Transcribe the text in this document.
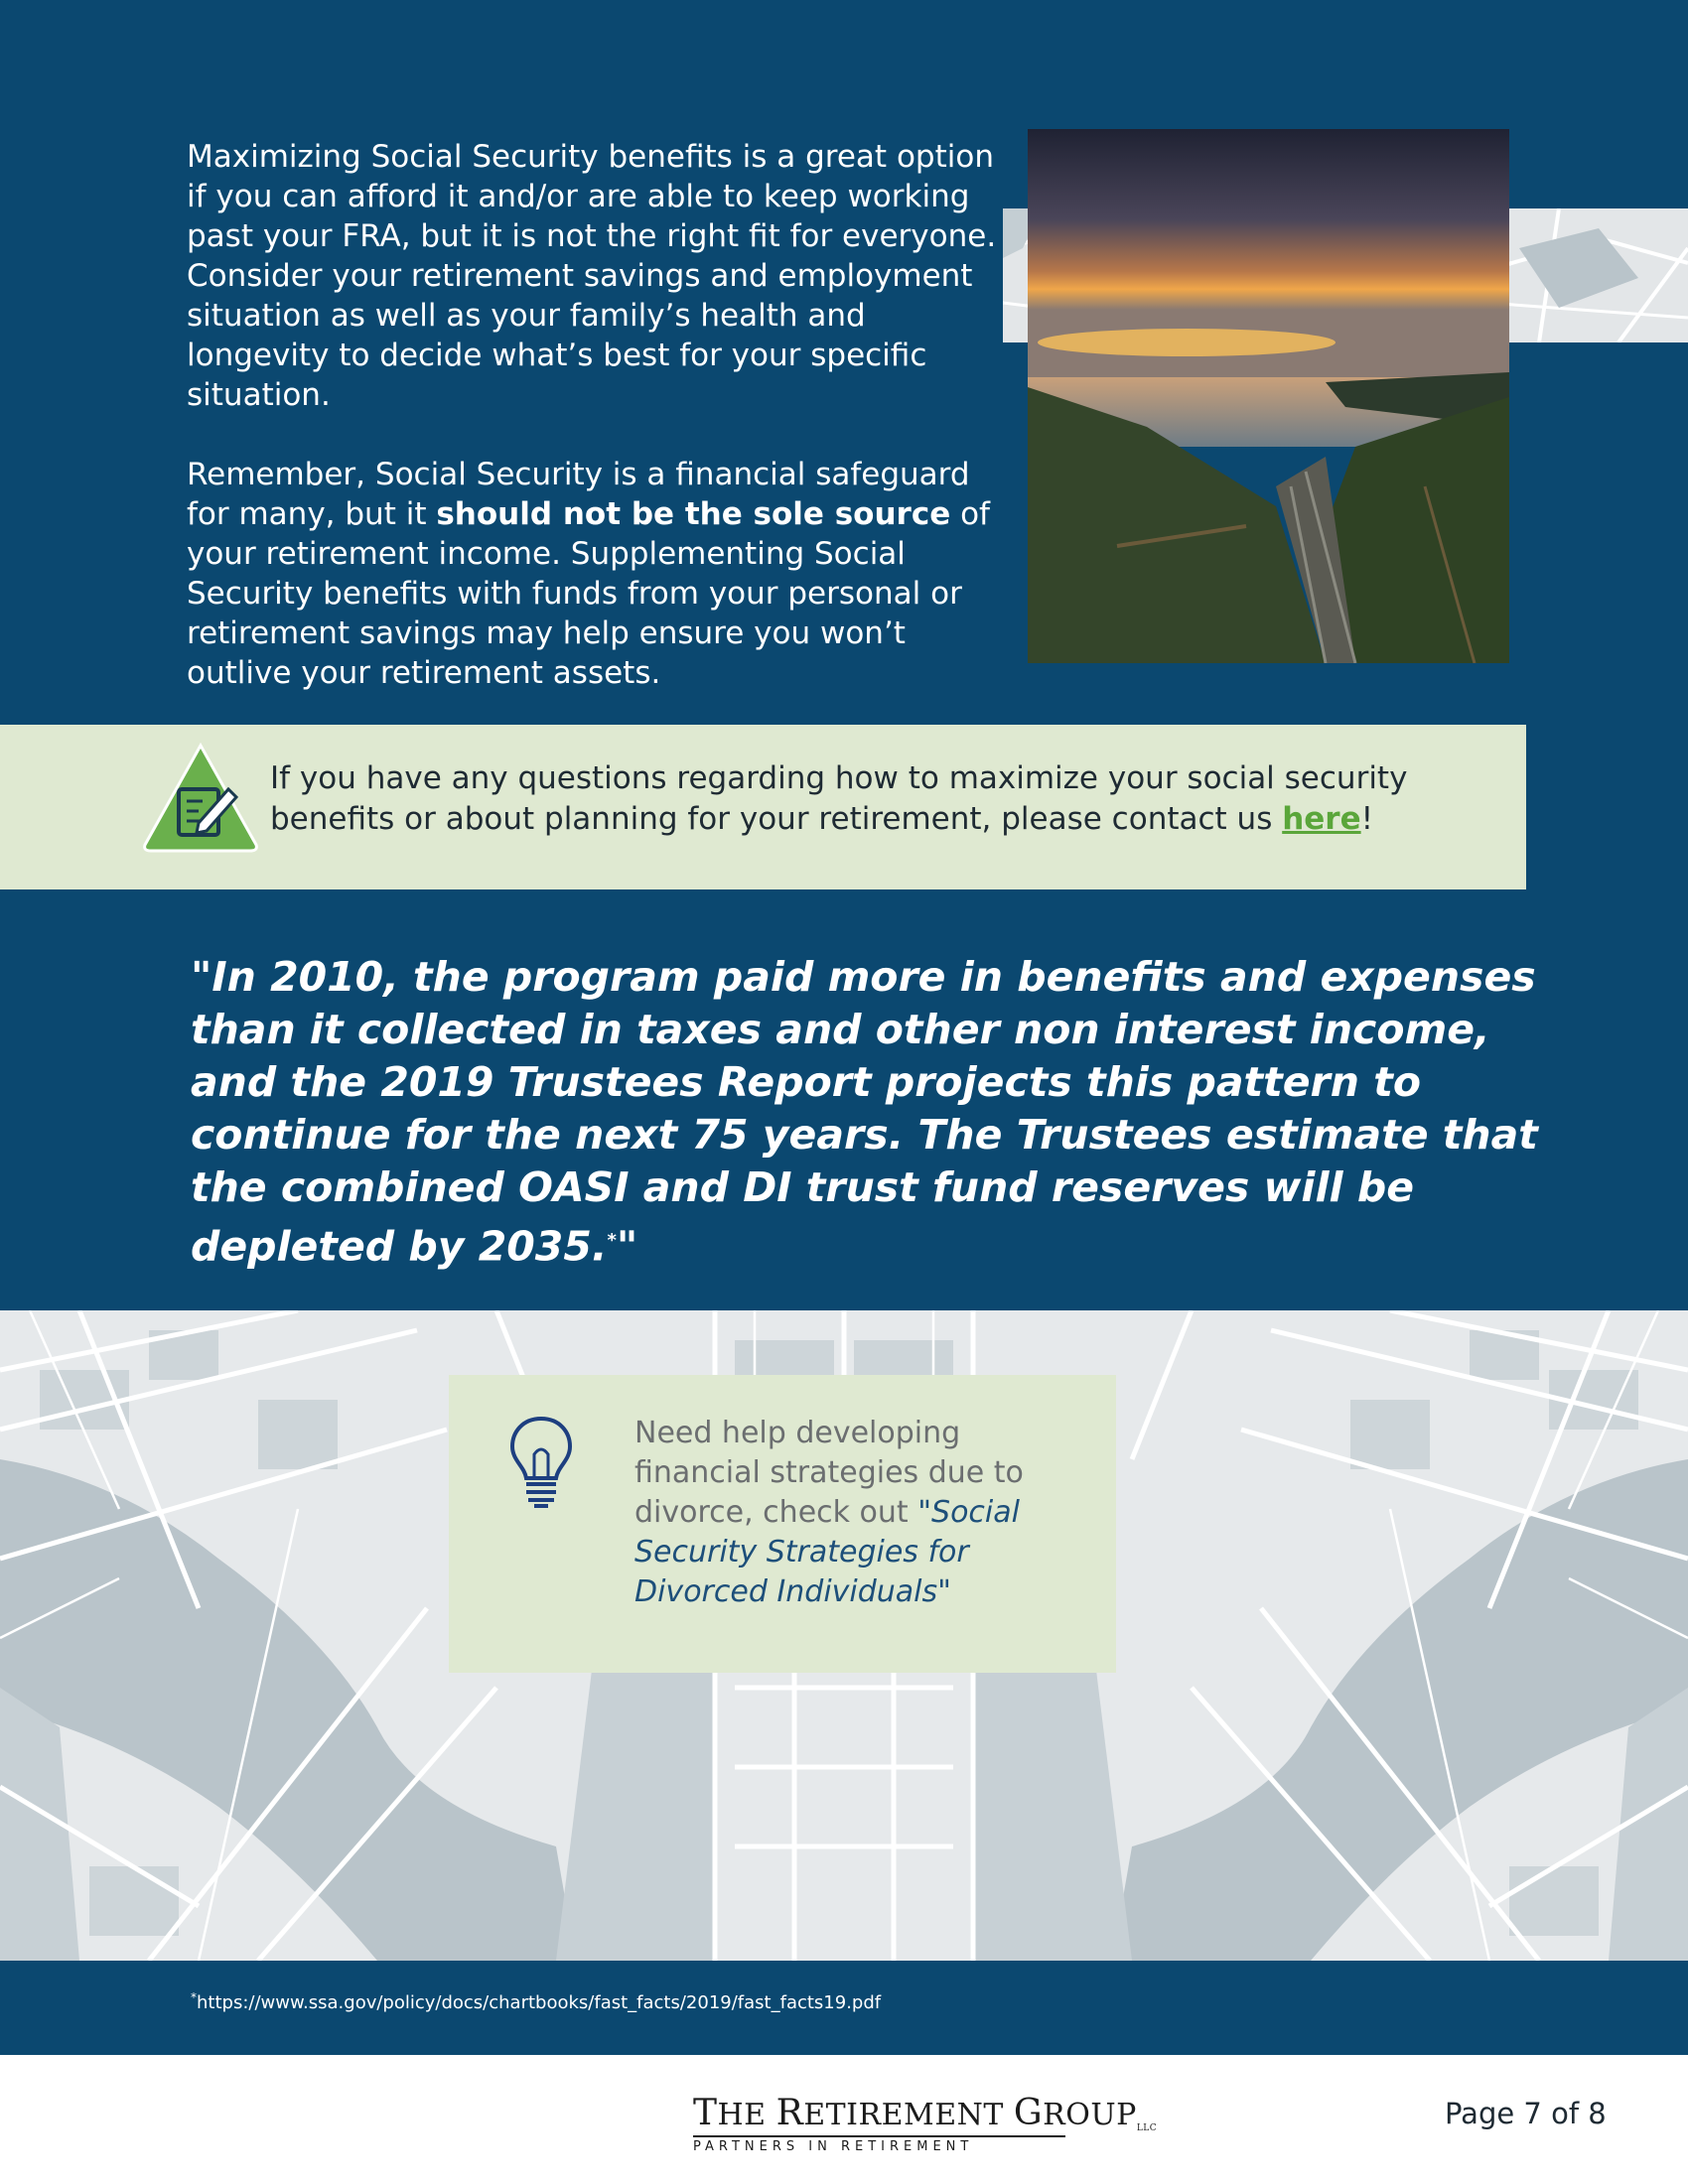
Maximizing Social Security benefits is a great option if you can afford it and/or are able to keep working past your FRA, but it is not the right fit for everyone. Consider your retirement savings and employment situation as well as your family’s health and longevity to decide what’s best for your specific situation.

Remember, Social Security is a financial safeguard for many, but it should not be the sole source of your retirement income. Supplementing Social Security benefits with funds from your personal or retirement savings may help ensure you won’t outlive your retirement assets.

If you have any questions regarding how to maximize your social security benefits or about planning for your retirement, please contact us here!
"In 2010, the program paid more in benefits and expenses than it collected in taxes and other non interest income, and the 2019 Trustees Report projects this pattern to continue for the next 75 years. The Trustees estimate that the combined OASI and DI trust fund reserves will be depleted by 2035.*"
Need help developing financial strategies due to divorce, check out "Social Security Strategies for Divorced Individuals"
*https://www.ssa.gov/policy/docs/chartbooks/fast_facts/2019/fast_facts19.pdf
THE RETIREMENT GROUPLLC
PARTNERS IN RETIREMENT
Page 7 of 8
